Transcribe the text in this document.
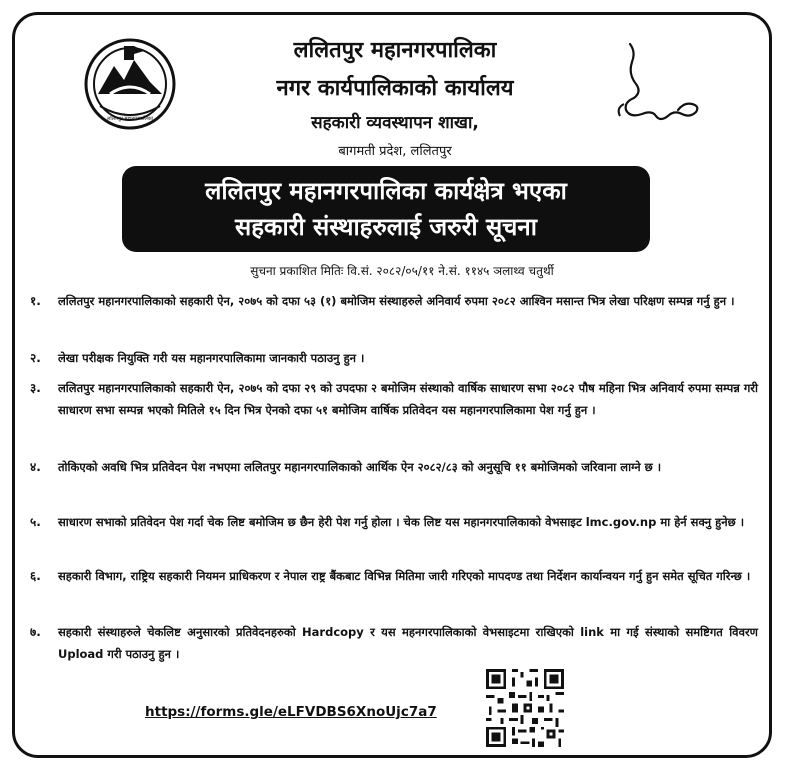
ललितपुर महानगरपालिका
ललितपुर महानगरपालिका
नगर कार्यपालिकाको कार्यालय
सहकारी व्यवस्थापन शाखा,
बागमती प्रदेश, ललितपुर
ललितपुर महानगरपालिका कार्यक्षेत्र भएका
सहकारी संस्थाहरुलाई जरुरी सूचना
सुचना प्रकाशित मितिः वि.सं. २०८२/०५/११ ने.सं. ११४५ ञलाथ्व चतुर्थी
१.	ललितपुर महानगरपालिकाको सहकारी ऐन, २०७५ को दफा ५३ (१) बमोजिम संस्थाहरुले अनिवार्य रुपमा २०८२ आश्विन मसान्त भित्र लेखा परिक्षण सम्पन्न गर्नु हुन ।
२.	लेखा परीक्षक नियुक्ति गरी यस महानगरपालिकामा जानकारी पठाउनु हुन ।
३.	ललितपुर महानगरपालिकाको सहकारी ऐन, २०७५ को दफा २९ को उपदफा २ बमोजिम संस्थाको वार्षिक साधारण सभा २०८२ पौष महिना भित्र अनिवार्य रुपमा सम्पन्न गरी साधारण सभा सम्पन्न भएको मितिले १५ दिन भित्र ऐनको दफा ५१ बमोजिम वार्षिक प्रतिवेदन यस महानगरपालिकामा पेश गर्नु हुन ।
४.	तोकिएको अवधि भित्र प्रतिवेदन पेश नभएमा ललितपुर महानगरपालिकाको आर्थिक ऐन २०८२/८३ को अनुसूचि ११ बमोजिमको जरिवाना लाग्ने छ ।
५.	साधारण सभाको प्रतिवेदन पेश गर्दा चेक लिष्ट बमोजिम छ छैन हेरी पेश गर्नु होला । चेक लिष्ट यस महानगरपालिकाको वेभसाइट lmc.gov.np मा हेर्न सक्नु हुनेछ ।
६.	सहकारी विभाग, राष्ट्रिय सहकारी नियमन प्राधिकरण र नेपाल राष्ट्र बैंकबाट विभिन्न मितिमा जारी गरिएको मापदण्ड तथा निर्देशन कार्यान्वयन गर्नु हुन समेत सूचित गरिन्छ ।
७.	सहकारी संस्थाहरुले चेकलिष्ट अनुसारको प्रतिवेदनहरुको Hardcopy र यस महनगरपालिकाको वेभसाइटमा राखिएको link मा गई संस्थाको समष्टिगत विवरण Upload गरी पठाउनु हुन ।
https://forms.gle/eLFVDBS6XnoUjc7a7
